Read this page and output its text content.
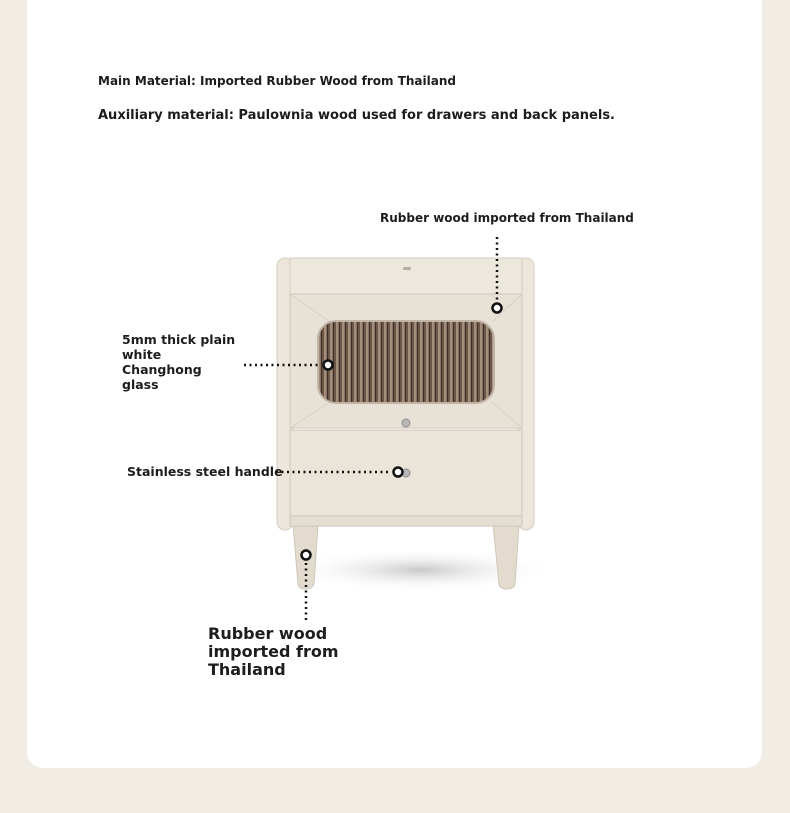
Main Material: Imported Rubber Wood from Thailand
Auxiliary material: Paulownia wood used for drawers and back panels.
Rubber wood imported from Thailand
5mm thick plain white Changhong glass
Stainless steel handle
Rubber wood imported from Thailand
